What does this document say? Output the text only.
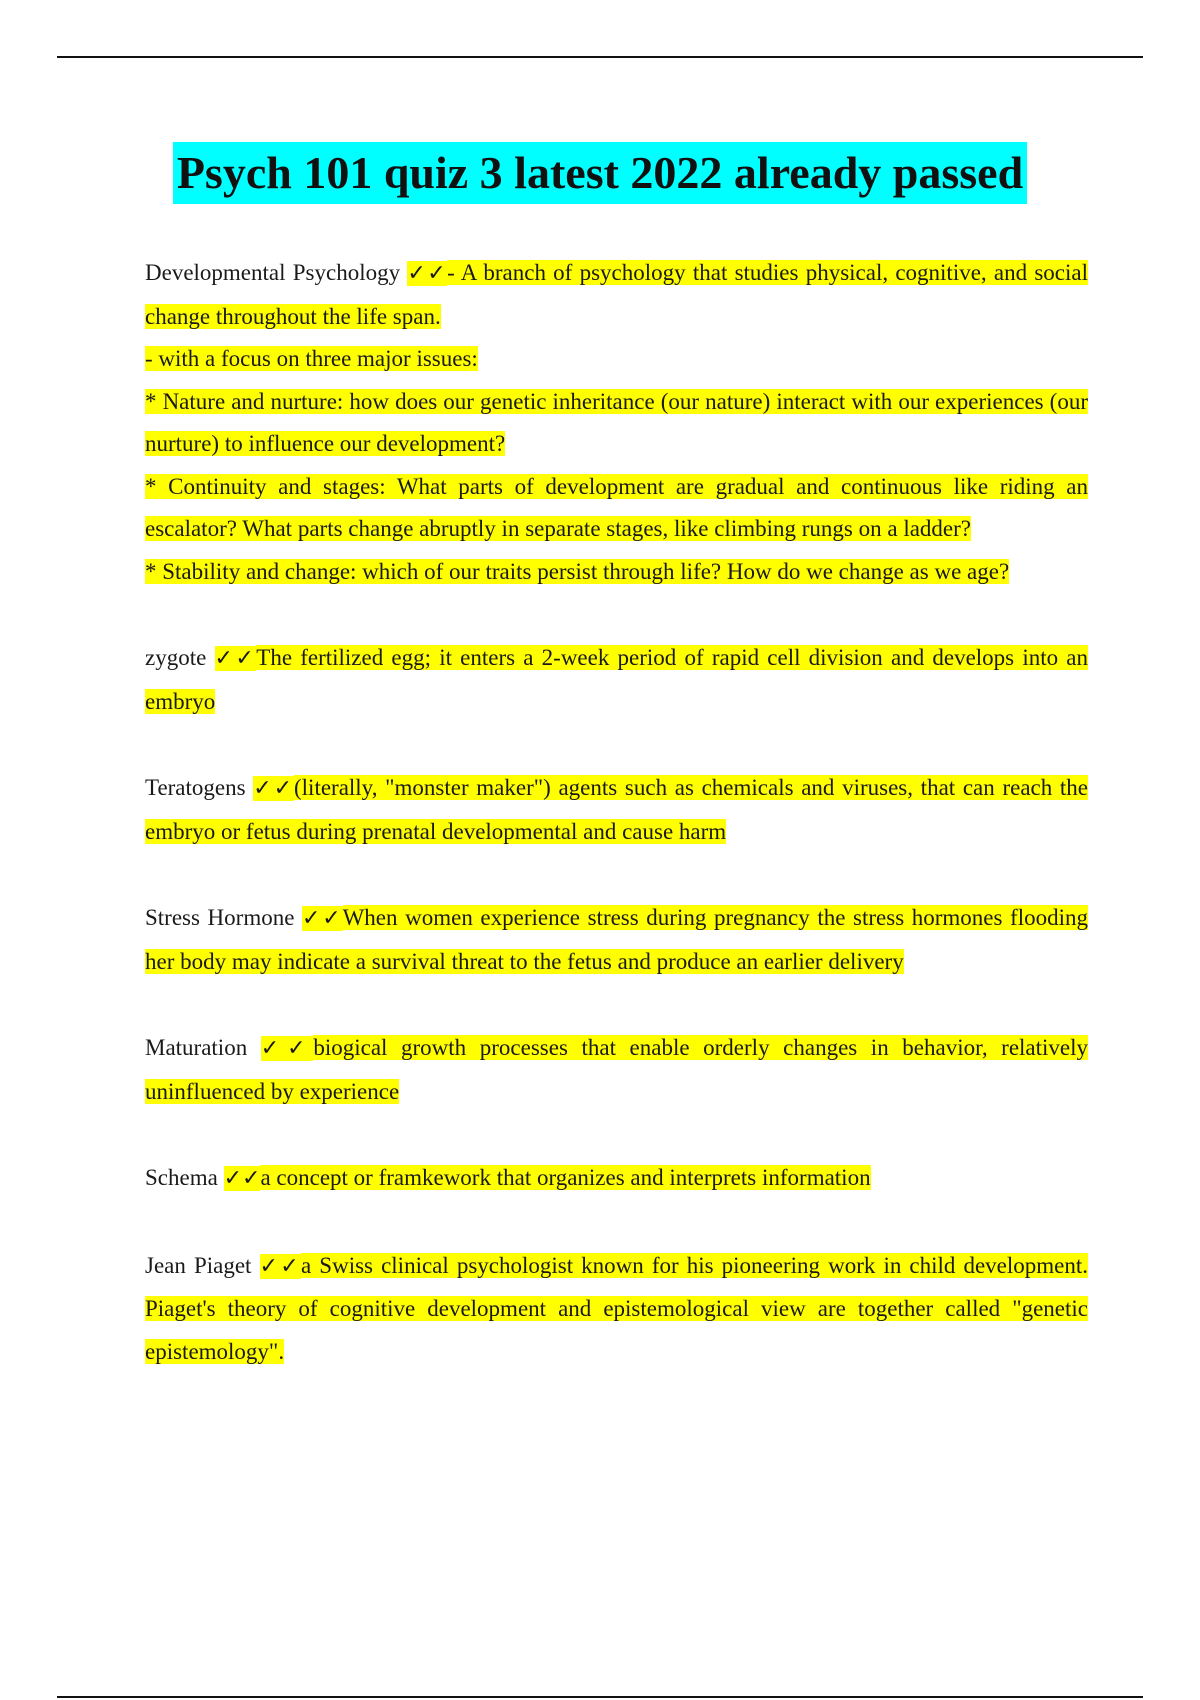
Psych 101 quiz 3 latest 2022 already passed

Developmental Psychology ✓✓- A branch of psychology that studies physical, cognitive, and social change throughout the life span.
- with a focus on three major issues:
* Nature and nurture: how does our genetic inheritance (our nature) interact with our experiences (our nurture) to influence our development?
* Continuity and stages: What parts of development are gradual and continuous like riding an escalator? What parts change abruptly in separate stages, like climbing rungs on a ladder?
* Stability and change: which of our traits persist through life? How do we change as we age?

zygote ✓✓The fertilized egg; it enters a 2-week period of rapid cell division and develops into an embryo

Teratogens ✓✓(literally, "monster maker") agents such as chemicals and viruses, that can reach the embryo or fetus during prenatal developmental and cause harm

Stress Hormone ✓✓When women experience stress during pregnancy the stress hormones flooding her body may indicate a survival threat to the fetus and produce an earlier delivery

Maturation ✓✓biogical growth processes that enable orderly changes in behavior, relatively uninfluenced by experience

Schema ✓✓a concept or framkework that organizes and interprets information

Jean Piaget ✓✓a Swiss clinical psychologist known for his pioneering work in child development. Piaget's theory of cognitive development and epistemological view are together called "genetic epistemology".
